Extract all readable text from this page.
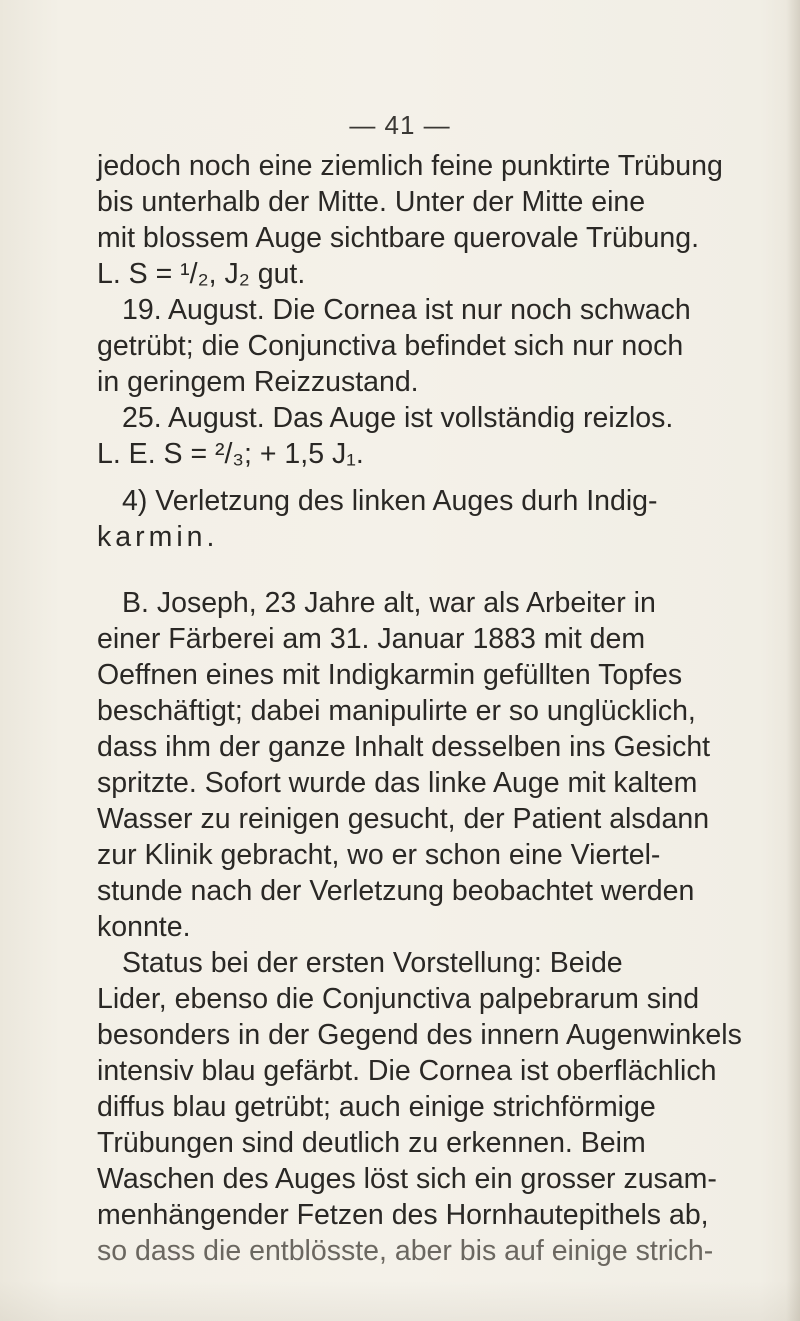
— 41 —
jedoch noch eine ziemlich feine punktirte Trübung
bis unterhalb der Mitte. Unter der Mitte eine
mit blossem Auge sichtbare querovale Trübung.
L. S = ¹/₂, J₂ gut.
19. August. Die Cornea ist nur noch schwach
getrübt; die Conjunctiva befindet sich nur noch
in geringem Reizzustand.
25. August. Das Auge ist vollständig reizlos.
L. E. S = ²/₃; + 1,5 J₁.
4) Verletzung des linken Auges durh Indig-
karmin.
B. Joseph, 23 Jahre alt, war als Arbeiter in
einer Färberei am 31. Januar 1883 mit dem
Oeffnen eines mit Indigkarmin gefüllten Topfes
beschäftigt; dabei manipulirte er so unglücklich,
dass ihm der ganze Inhalt desselben ins Gesicht
spritzte. Sofort wurde das linke Auge mit kaltem
Wasser zu reinigen gesucht, der Patient alsdann
zur Klinik gebracht, wo er schon eine Viertel-
stunde nach der Verletzung beobachtet werden
konnte.
Status bei der ersten Vorstellung: Beide
Lider, ebenso die Conjunctiva palpebrarum sind
besonders in der Gegend des innern Augenwinkels
intensiv blau gefärbt. Die Cornea ist oberflächlich
diffus blau getrübt; auch einige strichförmige
Trübungen sind deutlich zu erkennen. Beim
Waschen des Auges löst sich ein grosser zusam-
menhängender Fetzen des Hornhautepithels ab,
so dass die entblösste, aber bis auf einige strich-
